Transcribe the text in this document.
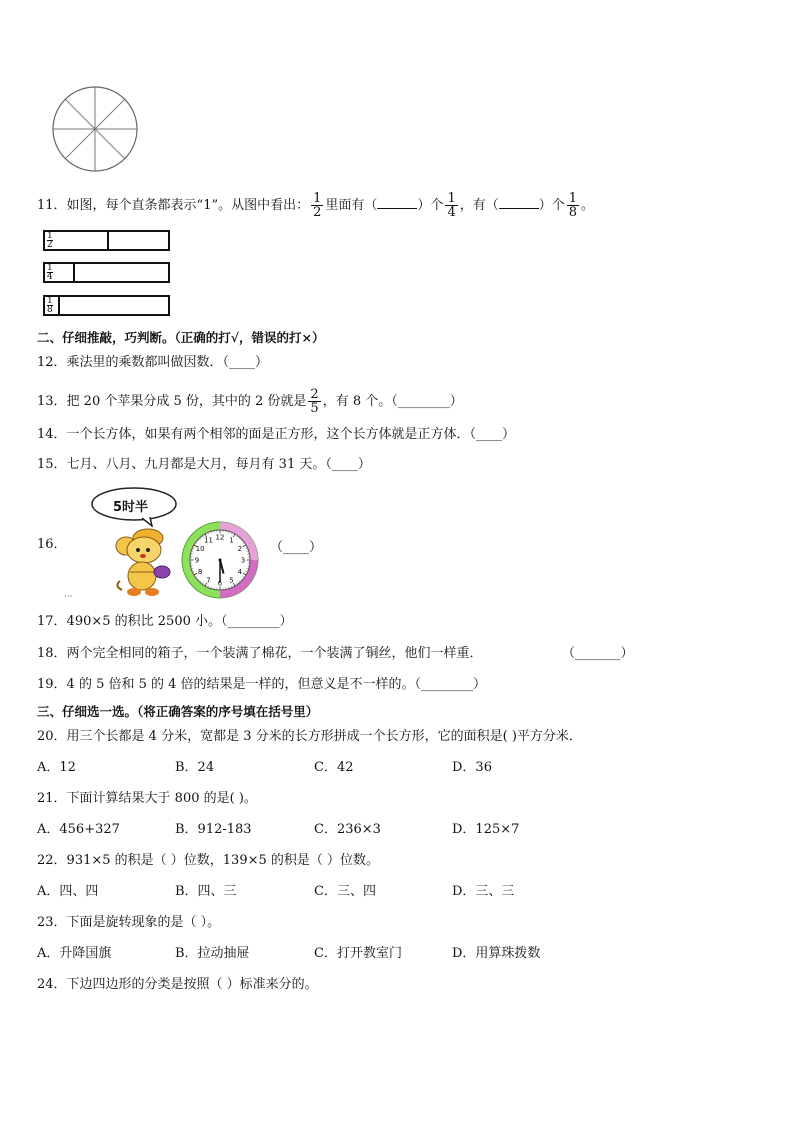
11．如图，每个直条都表示“1”。从图中看出： $\frac{1}{2}$ 里面有（	）个 $\frac{1}{4}$ ，有（	）个 $\frac{1}{8}$ 。
1
2
1
4
1
8
二、仔细推敲，巧判断。（正确的打√，错误的打×）
12．乘法里的乘数都叫做因数．（____）
13．把 20 个苹果分成 5 份，其中的 2 份就是 $\frac{2}{5}$ ，有 8 个。（________）
14．一个长方体，如果有两个相邻的面是正方形，这个长方体就是正方体．（____）
15．七月、八月、九月都是大月，每月有 31 天。（____）
16．
5时半
12 1
2
3
4
5
6
7
8
9
10
11	（____）
···
17．490×5 的积比 2500 小。（________）
18．两个完全相同的箱子，一个装满了棉花，一个装满了铜丝，他们一样重．	（_______）
19．4 的 5 倍和 5 的 4 倍的结果是一样的，但意义是不一样的。（________）
三、仔细选一选。（将正确答案的序号填在括号里）
20．用三个长都是 4 分米，宽都是 3 分米的长方形拼成一个长方形，它的面积是( )平方分米．
A．12	B．24	C．42	D．36
21．下面计算结果大于 800 的是( )。
A．456+327	B．912-183	C．236×3	D．125×7
22．931×5 的积是（ ）位数，139×5 的积是（ ）位数。
A．四、四	B．四、三	C．三、四	D．三、三
23．下面是旋转现象的是（ ）。
A．升降国旗	B．拉动抽屉	C．打开教室门	D．用算珠拨数
24．下边四边形的分类是按照（ ）标准来分的。
